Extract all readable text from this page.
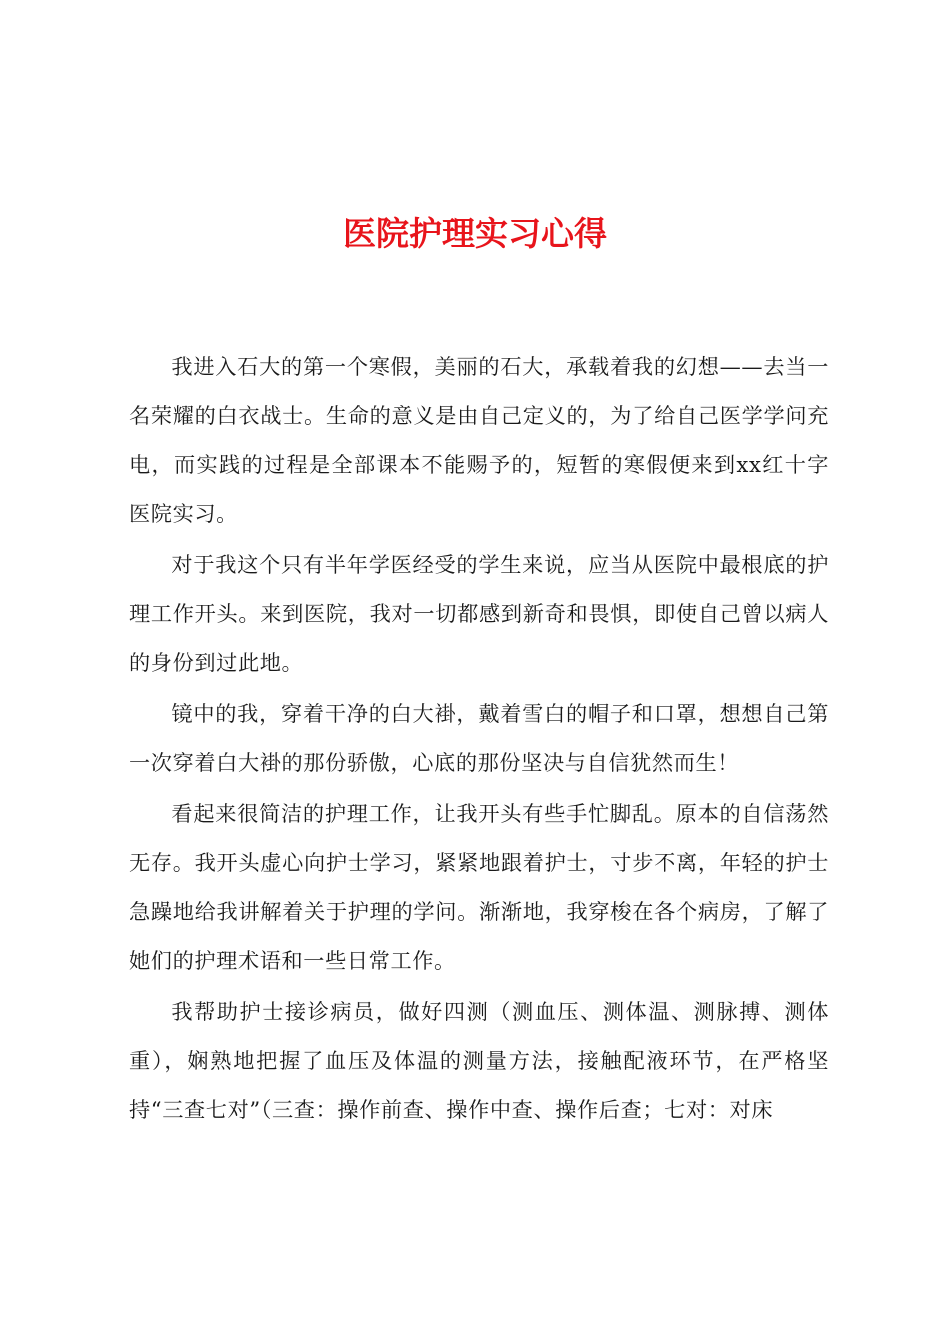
医院护理实习心得

我进入石大的第一个寒假，美丽的石大，承载着我的幻想——去当一名荣耀的白衣战士。生命的意义是由自己定义的，为了给自己医学学问充电，而实践的过程是全部课本不能赐予的，短暂的寒假便来到xx红十字医院实习。

对于我这个只有半年学医经受的学生来说，应当从医院中最根底的护理工作开头。来到医院，我对一切都感到新奇和畏惧，即使自己曾以病人的身份到过此地。

镜中的我，穿着干净的白大褂，戴着雪白的帽子和口罩，想想自己第一次穿着白大褂的那份骄傲，心底的那份坚决与自信犹然而生！

看起来很简洁的护理工作，让我开头有些手忙脚乱。原本的自信荡然无存。我开头虚心向护士学习，紧紧地跟着护士，寸步不离，年轻的护士急躁地给我讲解着关于护理的学问。渐渐地，我穿梭在各个病房，了解了她们的护理术语和一些日常工作。

我帮助护士接诊病员，做好四测（测血压、测体温、测脉搏、测体重），娴熟地把握了血压及体温的测量方法，接触配液环节，在严格坚持“三查七对”（三查：操作前查、操作中查、操作后查；七对：对床
